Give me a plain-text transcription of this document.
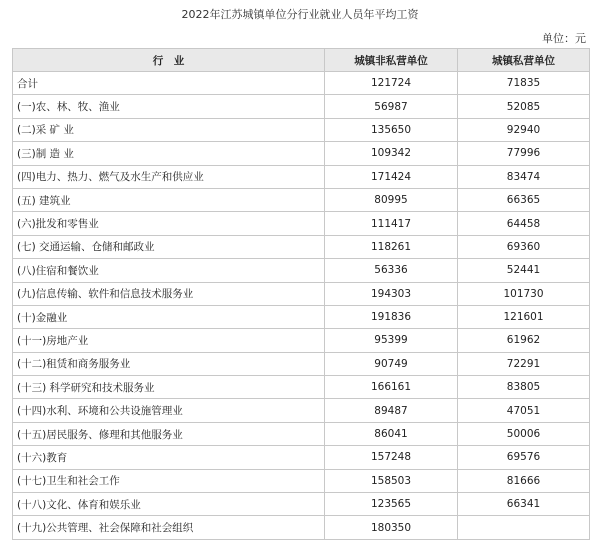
2022年江苏城镇单位分行业就业人员年平均工资
单位：元
行　业	城镇非私营单位	城镇私营单位
合计	121724	71835
(一)农、林、牧、渔业	56987	52085
(二)采 矿 业	135650	92940
(三)制 造 业	109342	77996
(四)电力、热力、燃气及水生产和供应业	171424	83474
(五) 建筑业	80995	66365
(六)批发和零售业	111417	64458
(七) 交通运输、仓储和邮政业	118261	69360
(八)住宿和餐饮业	56336	52441
(九)信息传输、软件和信息技术服务业	194303	101730
(十)金融业	191836	121601
(十一)房地产业	95399	61962
(十二)租赁和商务服务业	90749	72291
(十三) 科学研究和技术服务业	166161	83805
(十四)水利、环境和公共设施管理业	89487	47051
(十五)居民服务、修理和其他服务业	86041	50006
(十六)教育	157248	69576
(十七)卫生和社会工作	158503	81666
(十八)文化、体育和娱乐业	123565	66341
(十九)公共管理、社会保障和社会组织	180350	
